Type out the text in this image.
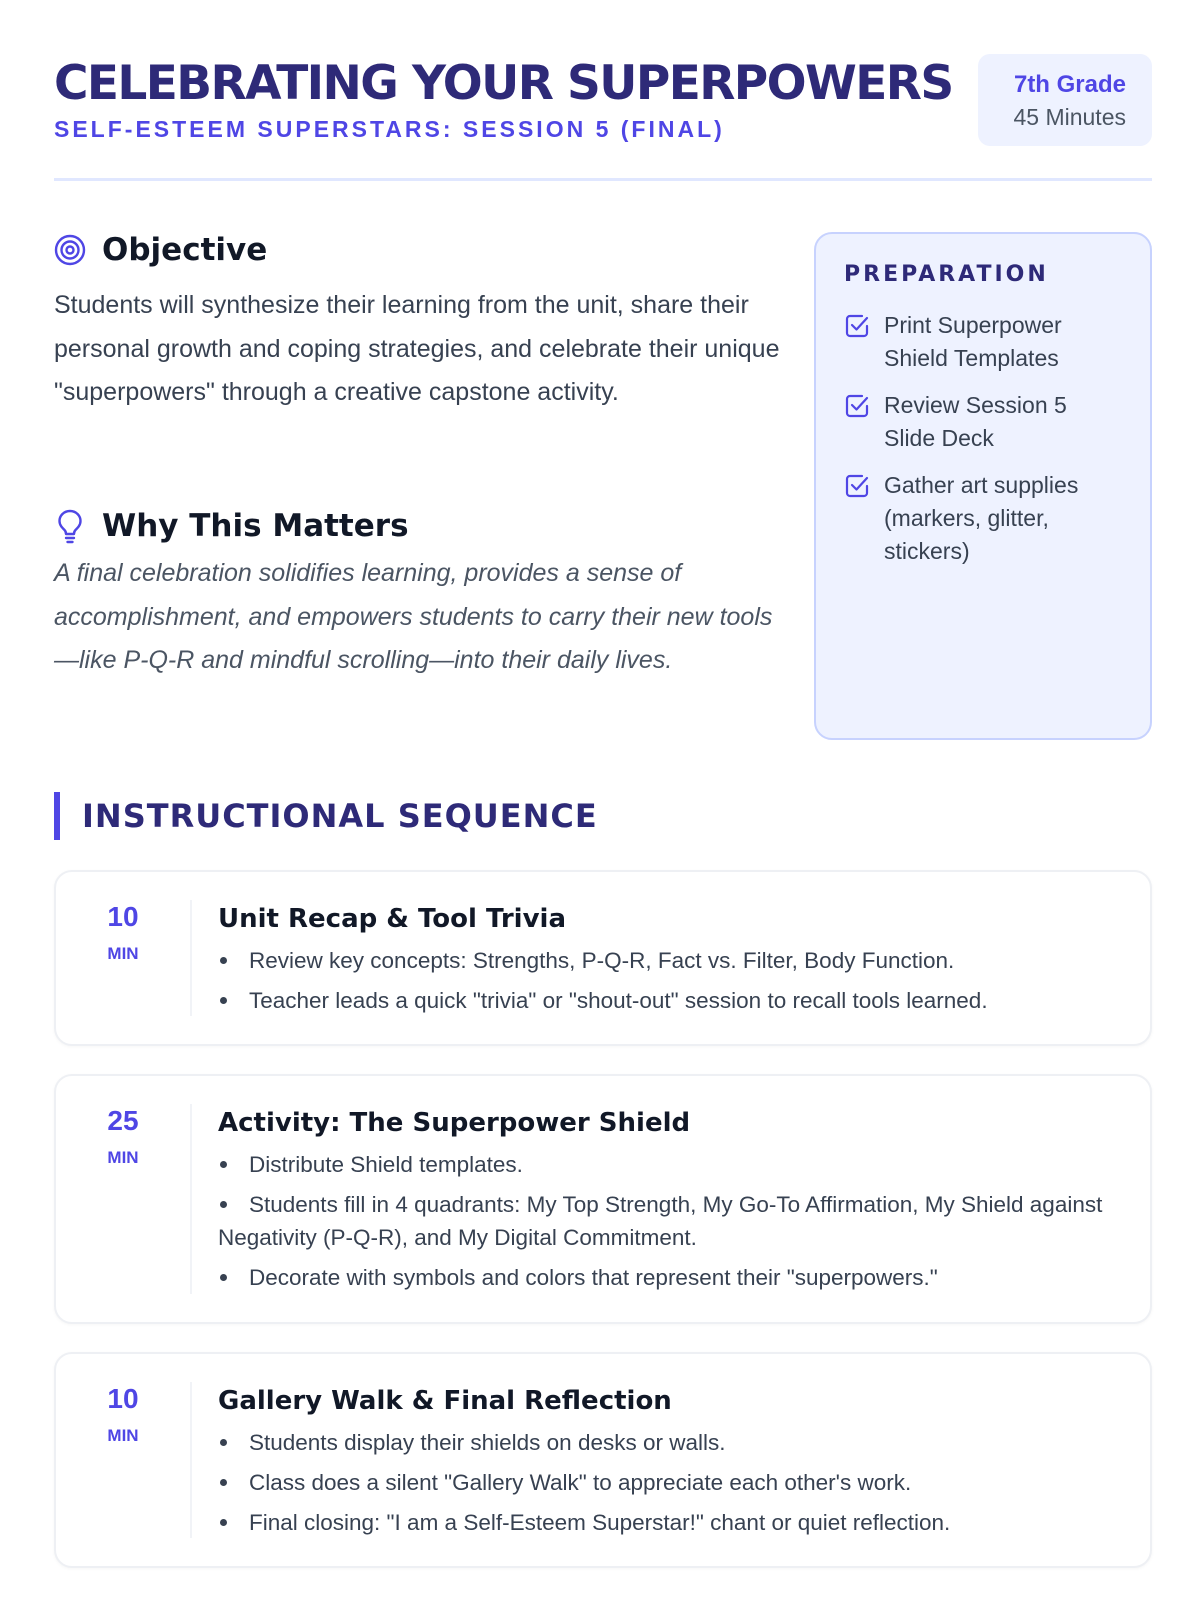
CELEBRATING YOUR SUPERPOWERS
SELF-ESTEEM SUPERSTARS: SESSION 5 (FINAL)
7th Grade
45 Minutes
Objective

Students will synthesize their learning from the unit, share their personal growth and coping strategies, and celebrate their unique "superpowers" through a creative capstone activity.

Why This Matters

A final celebration solidifies learning, provides a sense of accomplishment, and empowers students to carry their new tools—like P-Q-R and mindful scrolling—into their daily lives.

PREPARATION
Print Superpower Shield Templates
Review Session 5 Slide Deck
Gather art supplies (markers, glitter, stickers)
INSTRUCTIONAL SEQUENCE
10
MIN
Unit Recap & Tool Trivia
Review key concepts: Strengths, P-Q-R, Fact vs. Filter, Body Function.
Teacher leads a quick "trivia" or "shout-out" session to recall tools learned.
25
MIN
Activity: The Superpower Shield
Distribute Shield templates.
Students fill in 4 quadrants: My Top Strength, My Go-To Affirmation, My Shield against Negativity (P-Q-R), and My Digital Commitment.
Decorate with symbols and colors that represent their "superpowers."
10
MIN
Gallery Walk & Final Reflection
Students display their shields on desks or walls.
Class does a silent "Gallery Walk" to appreciate each other's work.
Final closing: "I am a Self-Esteem Superstar!" chant or quiet reflection.
